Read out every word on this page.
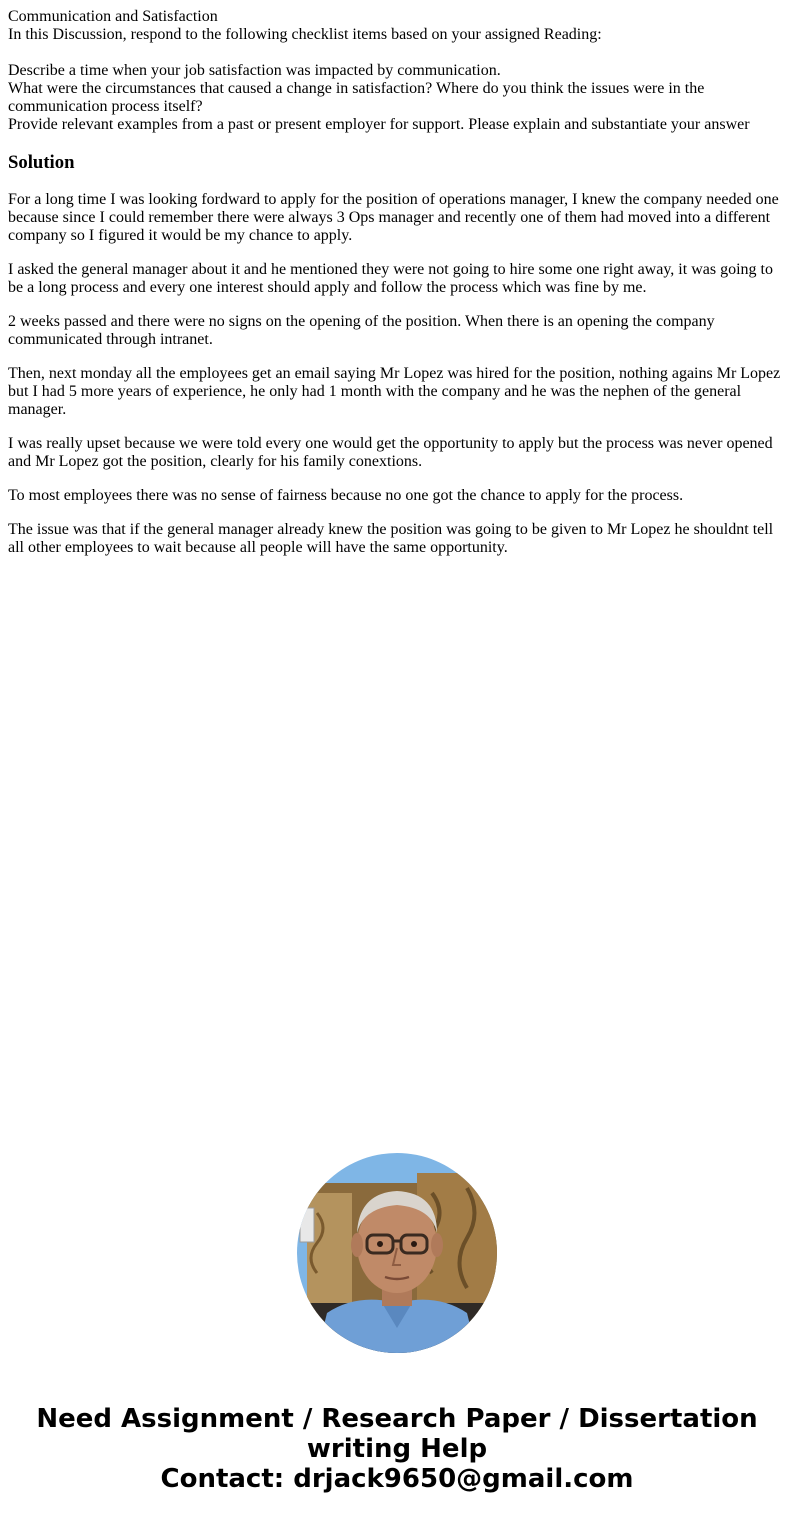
Communication and Satisfaction
In this Discussion, respond to the following checklist items based on your assigned Reading:
Describe a time when your job satisfaction was impacted by communication.
What were the circumstances that caused a change in satisfaction? Where do you think the issues were in the communication process itself?
Provide relevant examples from a past or present employer for support. Please explain and substantiate your answer
Solution

For a long time I was looking fordward to apply for the position of operations manager, I knew the company needed one because since I could remember there were always 3 Ops manager and recently one of them had moved into a different company so I figured it would be my chance to apply.

I asked the general manager about it and he mentioned they were not going to hire some one right away, it was going to be a long process and every one interest should apply and follow the process which was fine by me.

2 weeks passed and there were no signs on the opening of the position. When there is an opening the company communicated through intranet.

Then, next monday all the employees get an email saying Mr Lopez was hired for the position, nothing agains Mr Lopez but I had 5 more years of experience, he only had 1 month with the company and he was the nephen of the general manager.

I was really upset because we were told every one would get the opportunity to apply but the process was never opened and Mr Lopez got the position, clearly for his family conextions.

To most employees there was no sense of fairness because no one got the chance to apply for the process.

The issue was that if the general manager already knew the position was going to be given to Mr Lopez he shouldnt tell all other employees to wait because all people will have the same opportunity.

Need Assignment / Research Paper / Dissertation
writing Help
Contact: drjack9650@gmail.com
